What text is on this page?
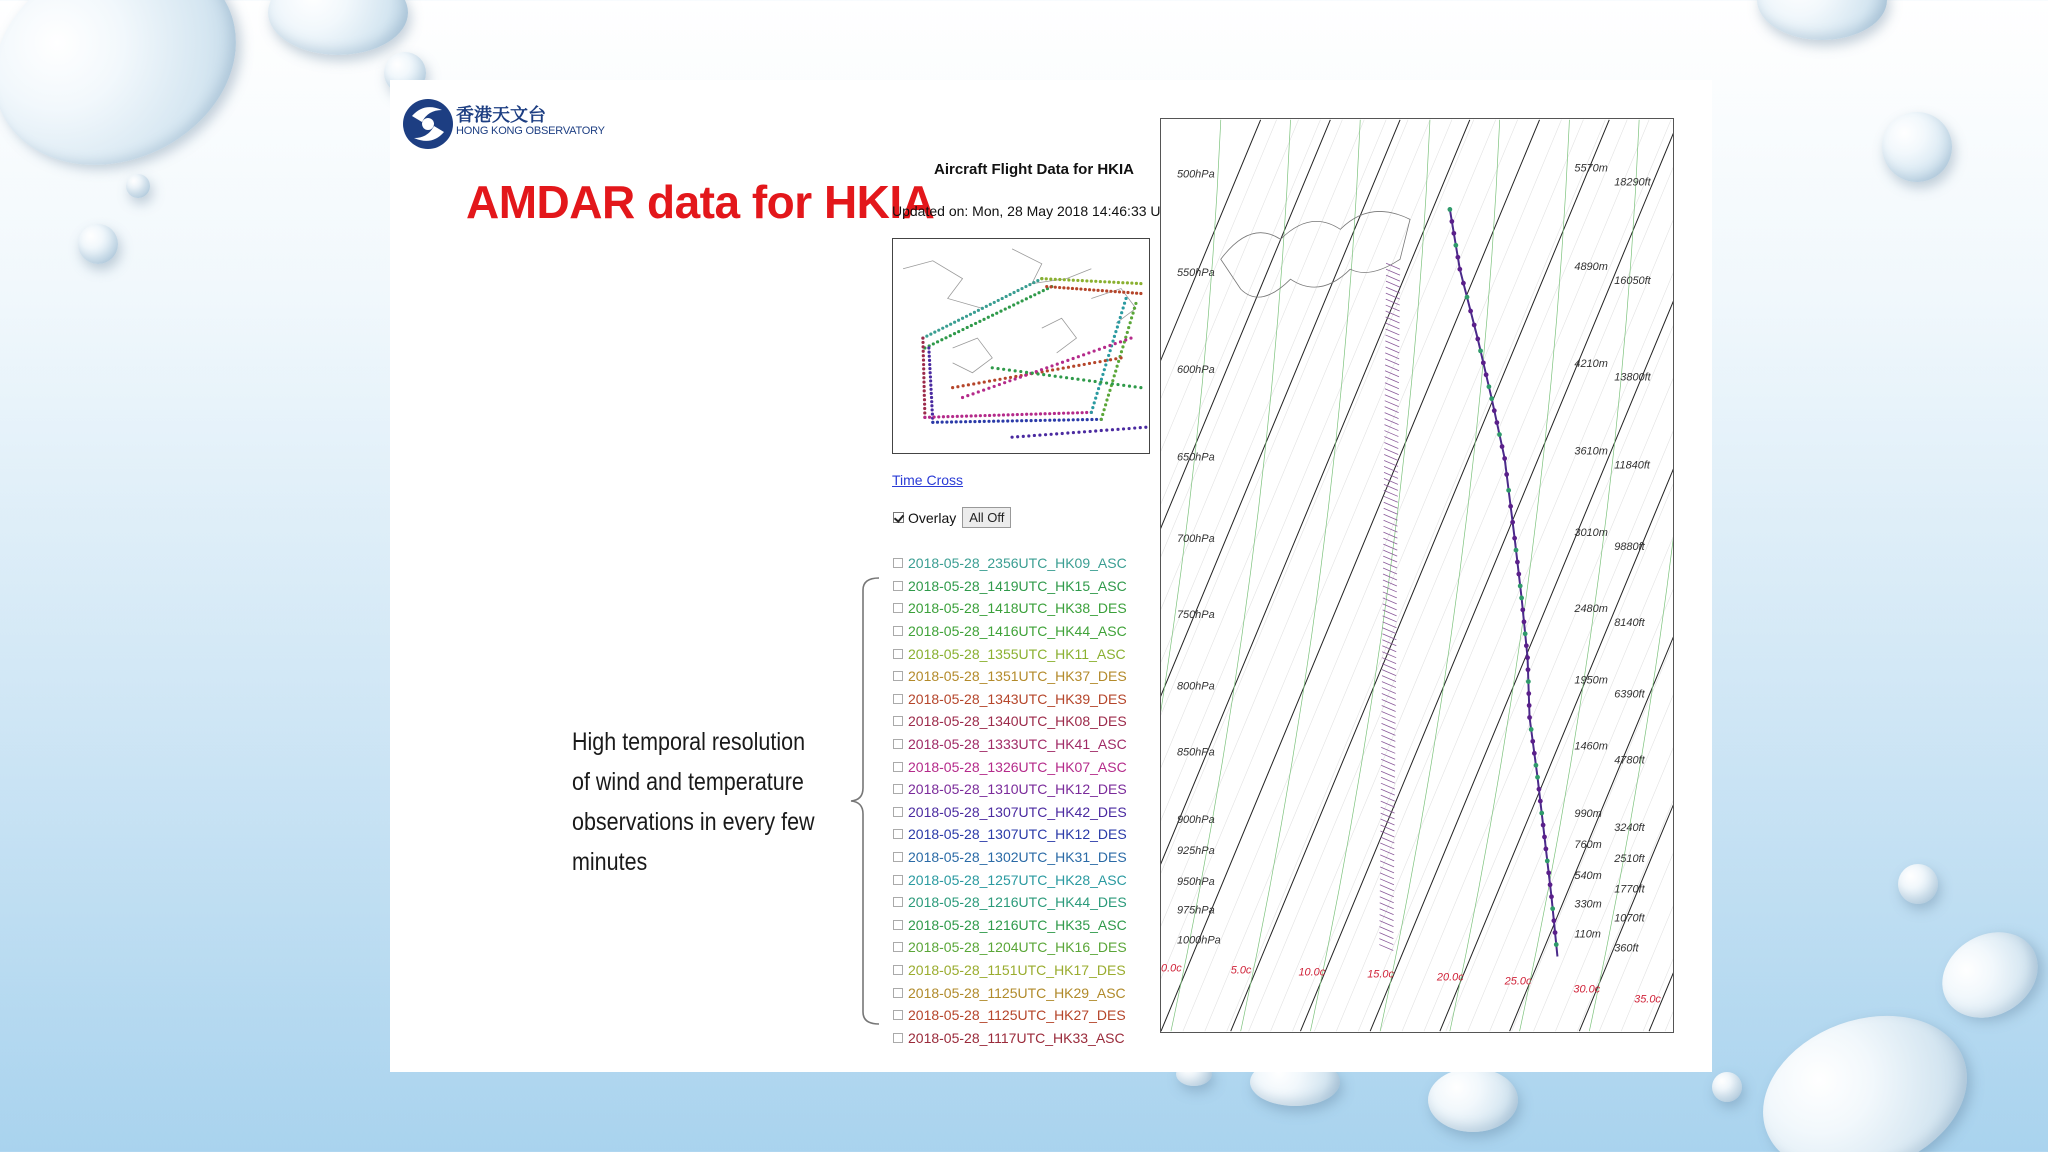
香港天文台
HONG KONG OBSERVATORY
AMDAR data for HKIA
High temporal resolution of wind and temperature observations in every few minutes
Aircraft Flight Data for HKIA
Updated on: Mon, 28 May 2018 14:46:33 UTC
Time Cross
Overlay	All Off
2018-05-28_2356UTC_HK09_ASC
2018-05-28_1419UTC_HK15_ASC
2018-05-28_1418UTC_HK38_DES
2018-05-28_1416UTC_HK44_ASC
2018-05-28_1355UTC_HK11_ASC
2018-05-28_1351UTC_HK37_DES
2018-05-28_1343UTC_HK39_DES
2018-05-28_1340UTC_HK08_DES
2018-05-28_1333UTC_HK41_ASC
2018-05-28_1326UTC_HK07_ASC
2018-05-28_1310UTC_HK12_DES
2018-05-28_1307UTC_HK42_DES
2018-05-28_1307UTC_HK12_DES
2018-05-28_1302UTC_HK31_DES
2018-05-28_1257UTC_HK28_ASC
2018-05-28_1216UTC_HK44_DES
2018-05-28_1216UTC_HK35_ASC
2018-05-28_1204UTC_HK16_DES
2018-05-28_1151UTC_HK17_DES
2018-05-28_1125UTC_HK29_ASC
2018-05-28_1125UTC_HK27_DES
2018-05-28_1117UTC_HK33_ASC
500hPa
550hPa
600hPa
650hPa
700hPa
750hPa
800hPa
850hPa
900hPa
925hPa
950hPa
975hPa
1000hPa
5570m
4890m
4210m
3610m
3010m
2480m
1950m
1460m
990m
760m
540m
330m
110m
18290ft
16050ft
13800ft
11840ft
9880ft
8140ft
6390ft
4780ft
3240ft
2510ft
1770ft
1070ft
360ft
0.0c	5.0c	10.0c	15.0c	20.0c	25.0c
30.0c
35.0c
